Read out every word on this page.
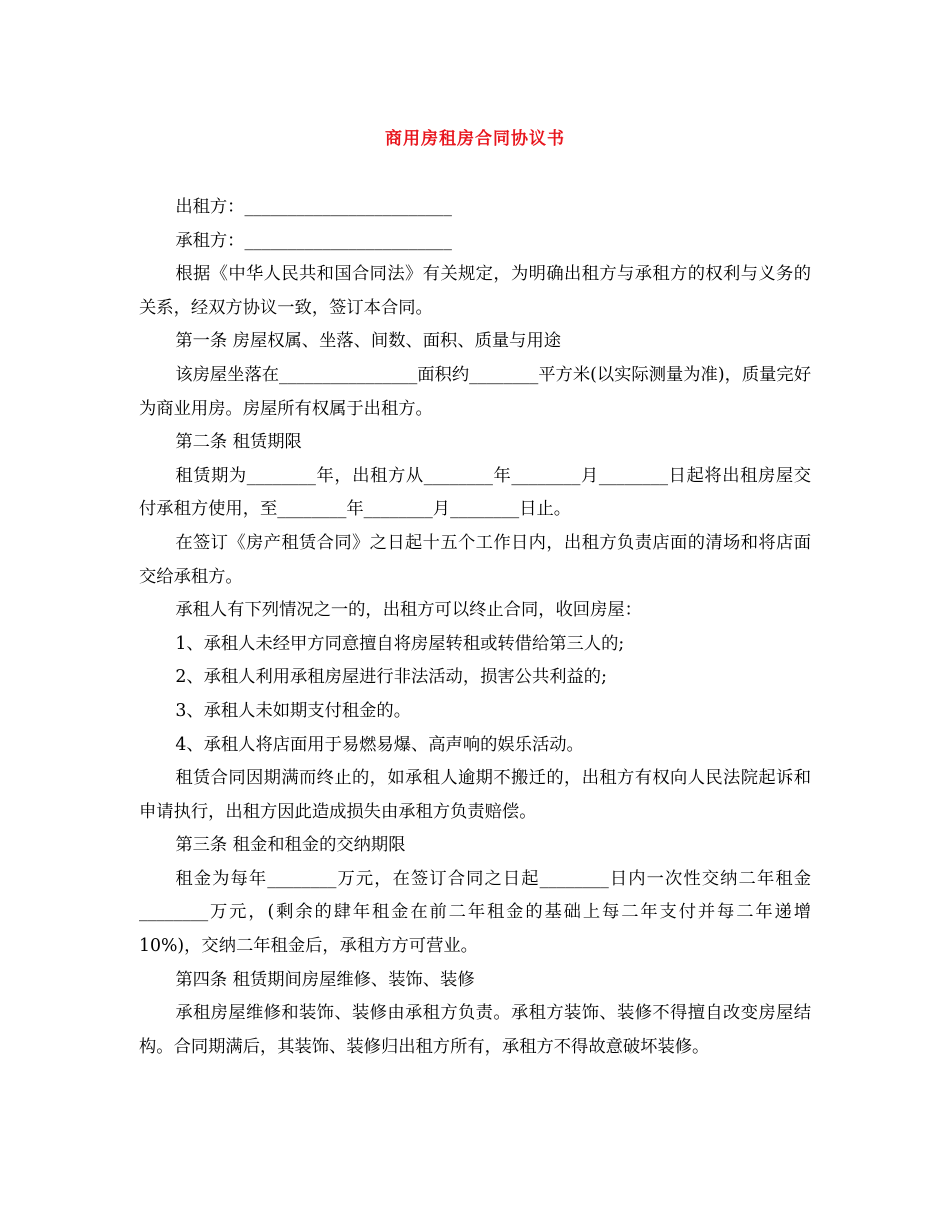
商用房租房合同协议书

出租方：________________________

承租方：________________________

根据《中华人民共和国合同法》有关规定，为明确出租方与承租方的权利与义务的关系，经双方协议一致，签订本合同。

第一条 房屋权属、坐落、间数、面积、质量与用途

该房屋坐落在________________面积约________平方米(以实际测量为准)，质量完好为商业用房。房屋所有权属于出租方。

第二条 租赁期限

租赁期为________年，出租方从________年________月________日起将出租房屋交付承租方使用，至________年________月________日止。

在签订《房产租赁合同》之日起十五个工作日内，出租方负责店面的清场和将店面交给承租方。

承租人有下列情况之一的，出租方可以终止合同，收回房屋：

1、承租人未经甲方同意擅自将房屋转租或转借给第三人的;

2、承租人利用承租房屋进行非法活动，损害公共利益的;

3、承租人未如期支付租金的。

4、承租人将店面用于易燃易爆、高声响的娱乐活动。

租赁合同因期满而终止的，如承租人逾期不搬迁的，出租方有权向人民法院起诉和申请执行，出租方因此造成损失由承租方负责赔偿。

第三条 租金和租金的交纳期限

租金为每年________万元，在签订合同之日起________日内一次性交纳二年租金________万元，(剩余的肆年租金在前二年租金的基础上每二年支付并每二年递增10%)，交纳二年租金后，承租方方可营业。

第四条 租赁期间房屋维修、装饰、装修

承租房屋维修和装饰、装修由承租方负责。承租方装饰、装修不得擅自改变房屋结构。合同期满后，其装饰、装修归出租方所有，承租方不得故意破坏装修。
